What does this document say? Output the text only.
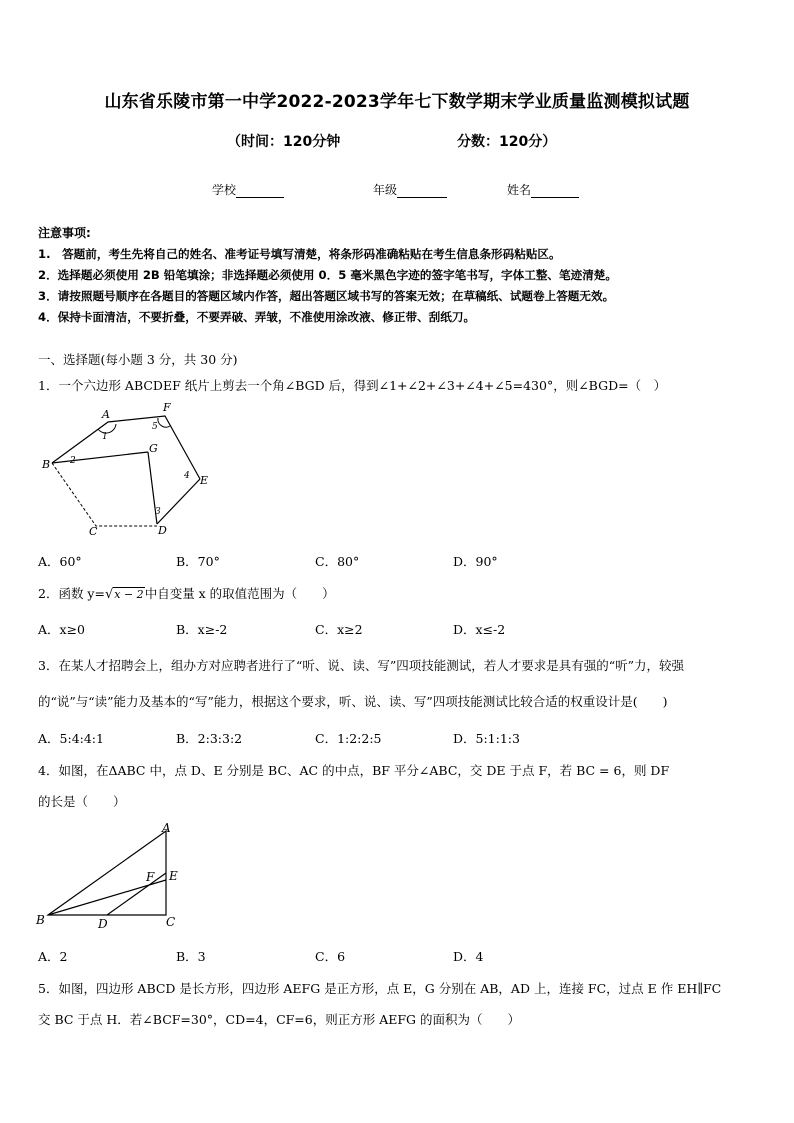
山东省乐陵市第一中学2022-2023学年七下数学期末学业质量监测模拟试题
（时间：120分钟	分数：120分）
学校	年级	姓名
注意事项:
1.　答题前，考生先将自己的姓名、准考证号填写清楚，将条形码准确粘贴在考生信息条形码粘贴区。
2．选择题必须使用 2B 铅笔填涂；非选择题必须使用 0．5 毫米黑色字迹的签字笔书写，字体工整、笔迹清楚。
3．请按照题号顺序在各题目的答题区域内作答，超出答题区域书写的答案无效；在草稿纸、试题卷上答题无效。
4．保持卡面清洁，不要折叠，不要弄破、弄皱，不准使用涂改液、修正带、刮纸刀。
一、选择题(每小题 3 分，共 30 分)
1．一个六边形 ABCDEF 纸片上剪去一个角∠BGD 后，得到∠1+∠2+∠3+∠4+∠5=430°，则∠BGD=（　）
A
F
B
G
E
C	D
1
2
3
4
5
A．60°	B．70°	C．80°	D．90°
2．函数 y=√x − 2中自变量 x 的取值范围为（　　）
A．x≥0	B．x≥-2	C．x≥2	D．x≤-2
3．在某人才招聘会上，组办方对应聘者进行了“听、说、读、写”四项技能测试，若人才要求是具有强的“听”力，较强
的“说”与“读”能力及基本的“写”能力，根据这个要求，听、说、读、写”四项技能测试比较合适的权重设计是(　　)
A．5:4:4:1	B．2:3:3:2	C．1:2:2:5	D．5:1:1:3
4．如图，在ΔABC 中，点 D、E 分别是 BC、AC 的中点，BF 平分∠ABC，交 DE 于点 F，若 BC = 6，则 DF
的长是（　　）
A
B	C
D
E
F
A．2	B．3	C．6	D．4
5．如图，四边形 ABCD 是长方形，四边形 AEFG 是正方形，点 E，G 分别在 AB，AD 上，连接 FC，过点 E 作 EH∥FC
交 BC 于点 H．若∠BCF=30°，CD=4，CF=6，则正方形 AEFG 的面积为（　　）
